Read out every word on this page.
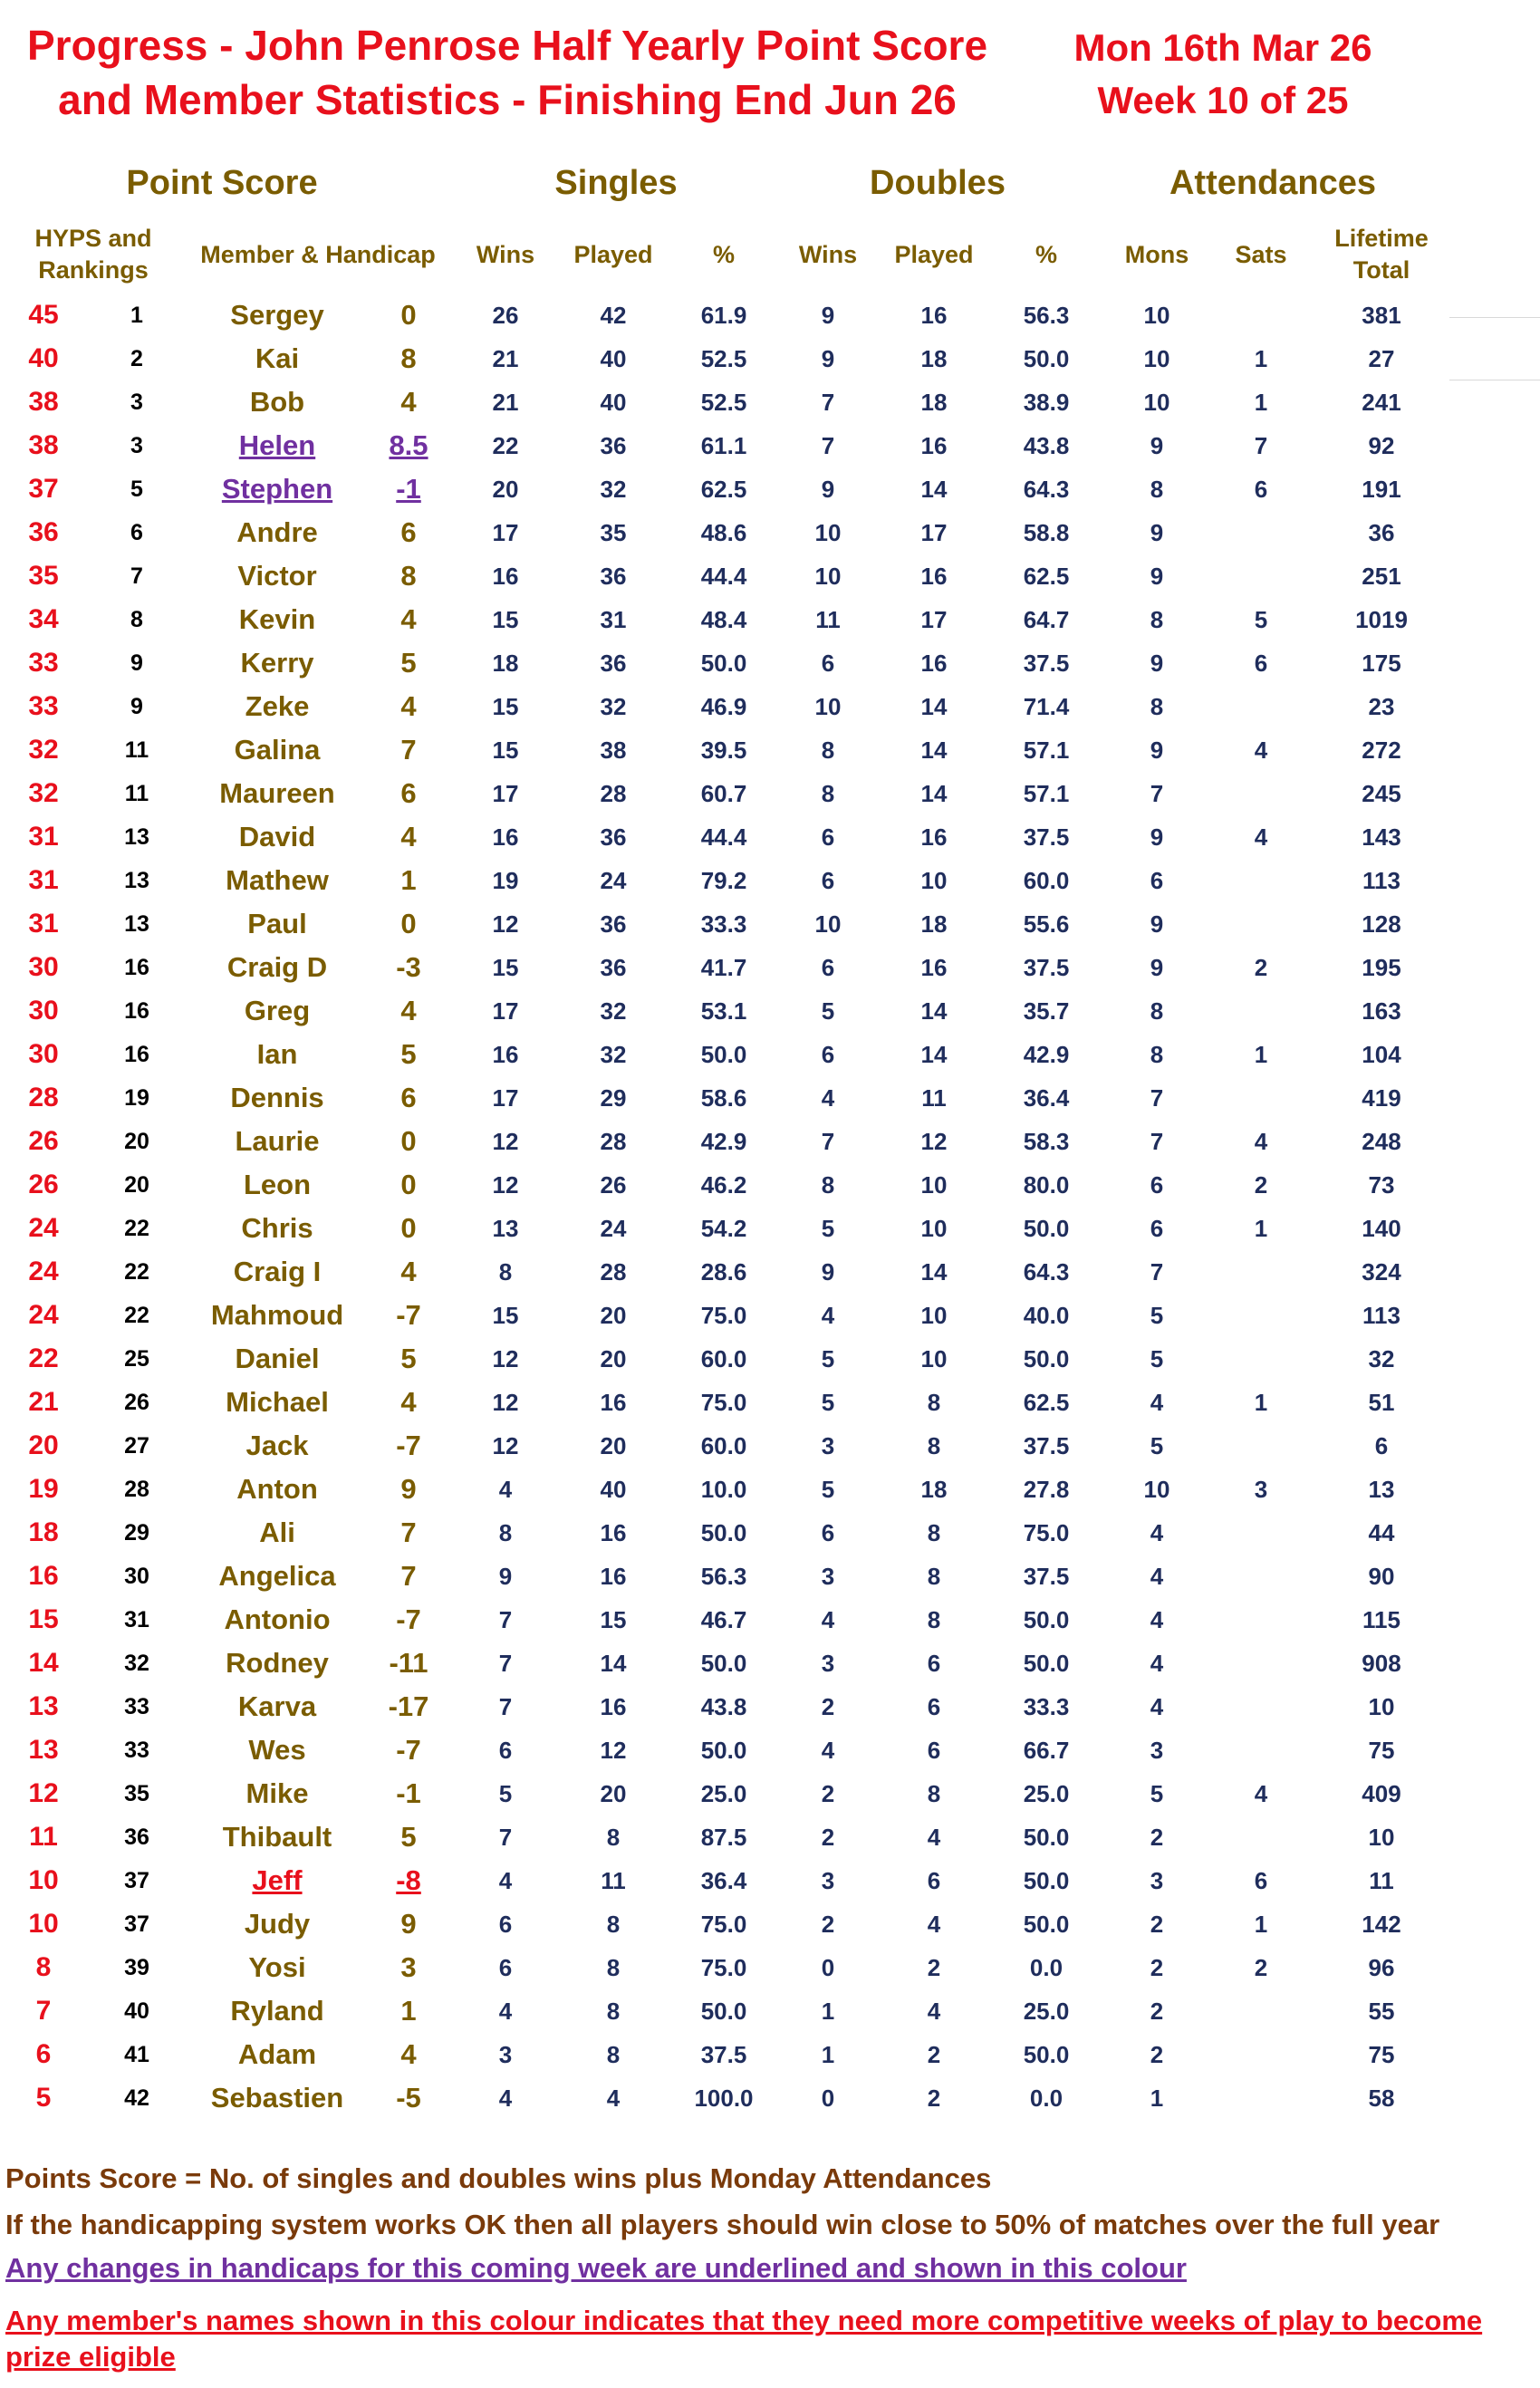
Progress - John Penrose Half Yearly Point Score
and Member Statistics - Finishing End Jun 26
Mon 16th Mar 26
Week 10 of 25
Point Score	Singles	Doubles	Attendances
HYPS and
Rankings
Member & Handicap	Wins	Played	%	Wins	Played	%	Mons	Sats
Lifetime
Total
45	1	Sergey	0	26	42	61.9	9	16	56.3	10		381
40	2	Kai	8	21	40	52.5	9	18	50.0	10	1	27
38	3	Bob	4	21	40	52.5	7	18	38.9	10	1	241
38	3	Helen	8.5	22	36	61.1	7	16	43.8	9	7	92
37	5	Stephen	-1	20	32	62.5	9	14	64.3	8	6	191
36	6	Andre	6	17	35	48.6	10	17	58.8	9		36
35	7	Victor	8	16	36	44.4	10	16	62.5	9		251
34	8	Kevin	4	15	31	48.4	11	17	64.7	8	5	1019
33	9	Kerry	5	18	36	50.0	6	16	37.5	9	6	175
33	9	Zeke	4	15	32	46.9	10	14	71.4	8		23
32	11	Galina	7	15	38	39.5	8	14	57.1	9	4	272
32	11	Maureen	6	17	28	60.7	8	14	57.1	7		245
31	13	David	4	16	36	44.4	6	16	37.5	9	4	143
31	13	Mathew	1	19	24	79.2	6	10	60.0	6		113
31	13	Paul	0	12	36	33.3	10	18	55.6	9		128
30	16	Craig D	-3	15	36	41.7	6	16	37.5	9	2	195
30	16	Greg	4	17	32	53.1	5	14	35.7	8		163
30	16	Ian	5	16	32	50.0	6	14	42.9	8	1	104
28	19	Dennis	6	17	29	58.6	4	11	36.4	7		419
26	20	Laurie	0	12	28	42.9	7	12	58.3	7	4	248
26	20	Leon	0	12	26	46.2	8	10	80.0	6	2	73
24	22	Chris	0	13	24	54.2	5	10	50.0	6	1	140
24	22	Craig I	4	8	28	28.6	9	14	64.3	7		324
24	22	Mahmoud	-7	15	20	75.0	4	10	40.0	5		113
22	25	Daniel	5	12	20	60.0	5	10	50.0	5		32
21	26	Michael	4	12	16	75.0	5	8	62.5	4	1	51
20	27	Jack	-7	12	20	60.0	3	8	37.5	5		6
19	28	Anton	9	4	40	10.0	5	18	27.8	10	3	13
18	29	Ali	7	8	16	50.0	6	8	75.0	4		44
16	30	Angelica	7	9	16	56.3	3	8	37.5	4		90
15	31	Antonio	-7	7	15	46.7	4	8	50.0	4		115
14	32	Rodney	-11	7	14	50.0	3	6	50.0	4		908
13	33	Karva	-17	7	16	43.8	2	6	33.3	4		10
13	33	Wes	-7	6	12	50.0	4	6	66.7	3		75
12	35	Mike	-1	5	20	25.0	2	8	25.0	5	4	409
11	36	Thibault	5	7	8	87.5	2	4	50.0	2		10
10	37	Jeff	-8	4	11	36.4	3	6	50.0	3	6	11
10	37	Judy	9	6	8	75.0	2	4	50.0	2	1	142
8	39	Yosi	3	6	8	75.0	0	2	0.0	2	2	96
7	40	Ryland	1	4	8	50.0	1	4	25.0	2		55
6	41	Adam	4	3	8	37.5	1	2	50.0	2		75
5	42	Sebastien	-5	4	4	100.0	0	2	0.0	1		58
Points Score = No. of singles and doubles wins plus Monday Attendances
If the handicapping system works OK then all players should win close to 50% of matches over the full year
Any changes in handicaps for this coming week are underlined and shown in this colour
Any member's names shown in this colour indicates that they need more competitive weeks of play to become prize eligible
